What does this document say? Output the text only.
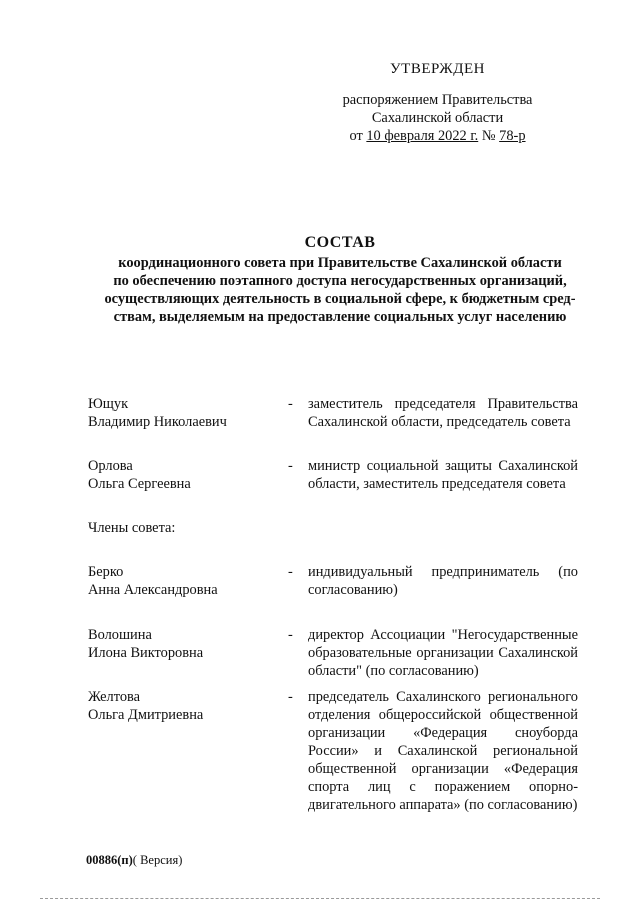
УТВЕРЖДЕН
распоряжением Правительства
Сахалинской области
от 10 февраля 2022 г. № 78-р
СОСТАВ
координационного совета при Правительстве Сахалинской области
по обеспечению поэтапного доступа негосударственных организаций,
осуществляющих деятельность в социальной сфере, к бюджетным сред-
ствам, выделяемым на предоставление социальных услуг населению
Ющук
Владимир Николаевич
- заместитель председателя Правительства Сахалинской области, председатель совета
Орлова
Ольга Сергеевна
- министр социальной защиты Сахалинской области, заместитель председателя совета
Члены совета:
Берко
Анна Александровна
- индивидуальный предприниматель (по согласованию)
Волошина
Илона Викторовна
- директор Ассоциации "Негосударственные образовательные организации Сахалинской области" (по согласованию)
Желтова
Ольга Дмитриевна
- председатель Сахалинского регионального отделения общероссийской общественной организации «Федерация сноуборда России» и Сахалинской региональной общественной организации «Федерация спорта лиц с поражением опорно-двигательного аппарата» (по согласованию)
00886(п)( Версия)
